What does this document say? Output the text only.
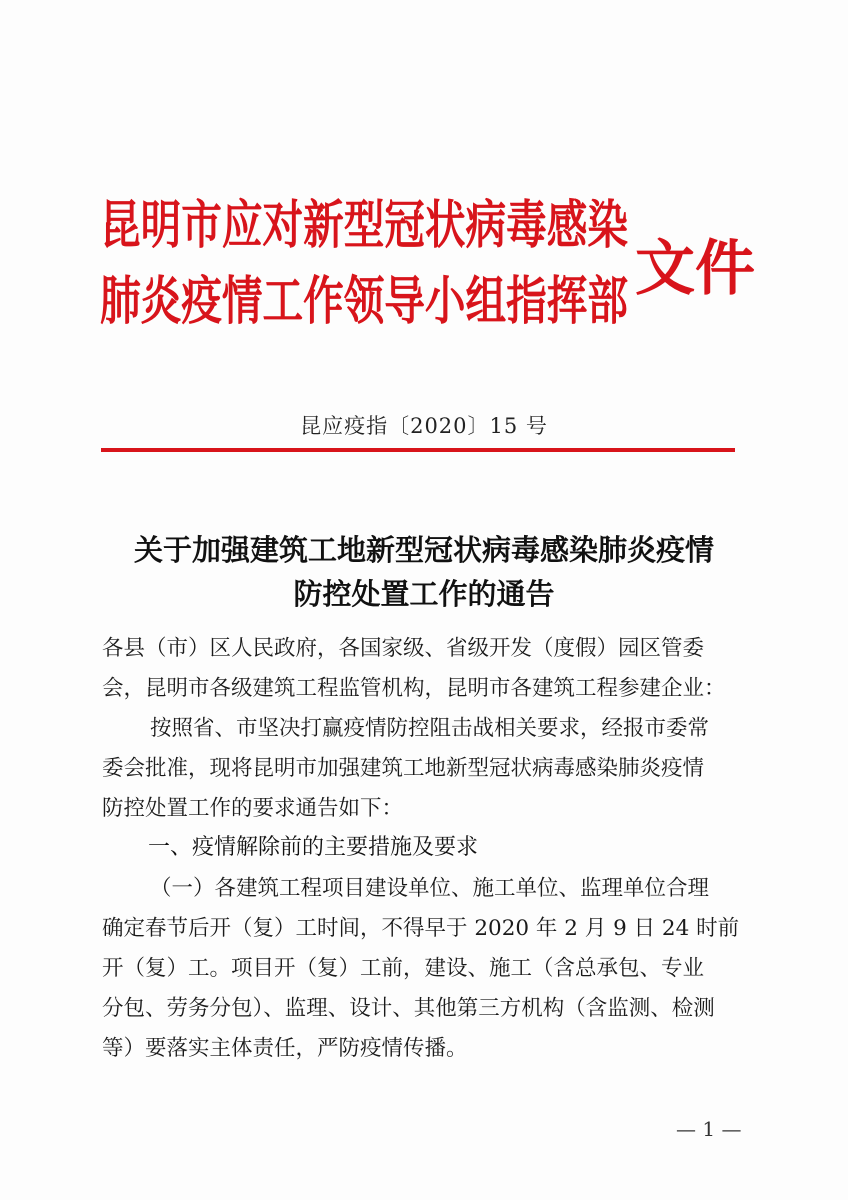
昆明市应对新型冠状病毒感染
肺炎疫情工作领导小组指挥部 文件
昆应疫指〔2020〕15 号
关于加强建筑工地新型冠状病毒感染肺炎疫情
防控处置工作的通告
各县（市）区人民政府，各国家级、省级开发（度假）园区管委
会，昆明市各级建筑工程监管机构，昆明市各建筑工程参建企业：
按照省、市坚决打赢疫情防控阻击战相关要求，经报市委常
委会批准，现将昆明市加强建筑工地新型冠状病毒感染肺炎疫情
防控处置工作的要求通告如下：
一、疫情解除前的主要措施及要求
（一）各建筑工程项目建设单位、施工单位、监理单位合理
确定春节后开（复）工时间，不得早于 2020 年 2 月 9 日 24 时前
开（复）工。项目开（复）工前，建设、施工（含总承包、专业
分包、劳务分包）、监理、设计、其他第三方机构（含监测、检测
等）要落实主体责任，严防疫情传播。
— 1 —
